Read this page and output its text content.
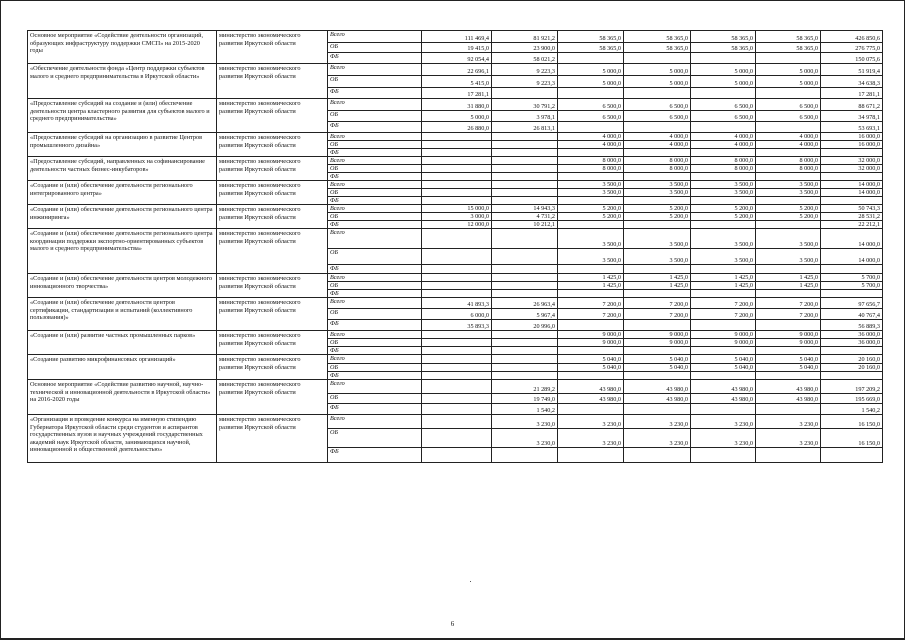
Основное мероприятие «Содействие деятельности организаций, образующих инфраструктуру поддержки СМСП» на 2015-2020 годы	министерство экономического развития Иркутской области	Всего	111 469,4	81 921,2	58 365,0	58 365,0	58 365,0	58 365,0	426 850,6
		ОБ	19 415,0	23 900,0	58 365,0	58 365,0	58 365,0	58 365,0	276 775,0
		ФБ	92 054,4	58 021,2					150 075,6
«Обеспечение деятельности фонда «Центр поддержки субъектов малого и среднего предпринимательства в Иркутской области»	министерство экономического развития Иркутской области	Всего	22 696,1	9 223,3	5 000,0	5 000,0	5 000,0	5 000,0	51 919,4
		ОБ	5 415,0	9 223,3	5 000,0	5 000,0	5 000,0	5 000,0	34 638,3
		ФБ	17 281,1						17 281,1
«Предоставление субсидий на создание и (или) обеспечение деятельности центра кластерного развития для субъектов малого и среднего предпринимательства»	министерство экономического развития Иркутской области	Всего	31 880,0	30 791,2	6 500,0	6 500,0	6 500,0	6 500,0	88 671,2
		ОБ	5 000,0	3 978,1	6 500,0	6 500,0	6 500,0	6 500,0	34 978,1
		ФБ	26 880,0	26 813,1					53 693,1
«Предоставление субсидий на организацию в развитие Центров промышленного дизайна»	министерство экономического развития Иркутской области	Всего			4 000,0	4 000,0	4 000,0	4 000,0	16 000,0
		ОБ			4 000,0	4 000,0	4 000,0	4 000,0	16 000,0
		ФБ							
«Предоставление субсидий, направленных на софинансирование деятельности частных бизнес-инкубаторов»	министерство экономического развития Иркутской области	Всего			8 000,0	8 000,0	8 000,0	8 000,0	32 000,0
		ОБ			8 000,0	8 000,0	8 000,0	8 000,0	32 000,0
		ФБ							
«Создание и (или) обеспечение деятельности регионального интегрированного центра»	министерство экономического развития Иркутской области	Всего			3 500,0	3 500,0	3 500,0	3 500,0	14 000,0
		ОБ			3 500,0	3 500,0	3 500,0	3 500,0	14 000,0
		ФБ							
«Создание и (или) обеспечение деятельности регионального центра инжиниринга»	министерство экономического развития Иркутской области	Всего	15 000,0	14 943,3	5 200,0	5 200,0	5 200,0	5 200,0	50 743,3
		ОБ	3 000,0	4 731,2	5 200,0	5 200,0	5 200,0	5 200,0	28 531,2
		ФБ	12 000,0	10 212,1					22 212,1
«Создание и (или) обеспечение деятельности регионального центра координации поддержки экспортно-ориентированных субъектов малого и среднего предпринимательства»	министерство экономического развития Иркутской области	Всего			3 500,0	3 500,0	3 500,0	3 500,0	14 000,0
		ОБ			3 500,0	3 500,0	3 500,0	3 500,0	14 000,0
		ФБ							
«Создание и (или) обеспечение деятельности центров молодежного инновационного творчества»	министерство экономического развития Иркутской области	Всего			1 425,0	1 425,0	1 425,0	1 425,0	5 700,0
		ОБ			1 425,0	1 425,0	1 425,0	1 425,0	5 700,0
		ФБ							
«Создание и (или) обеспечение деятельности центров сертификации, стандартизации и испытаний (коллективного пользования)»	министерство экономического развития Иркутской области	Всего	41 893,3	26 963,4	7 200,0	7 200,0	7 200,0	7 200,0	97 656,7
		ОБ	6 000,0	5 967,4	7 200,0	7 200,0	7 200,0	7 200,0	40 767,4
		ФБ	35 893,3	20 996,0					56 889,3
«Создание и (или) развитие частных промышленных парков»	министерство экономического развития Иркутской области	Всего			9 000,0	9 000,0	9 000,0	9 000,0	36 000,0
		ОБ			9 000,0	9 000,0	9 000,0	9 000,0	36 000,0
		ФБ							
«Создание развитию микрофинансовых организаций»	министерство экономического развития Иркутской области	Всего			5 040,0	5 040,0	5 040,0	5 040,0	20 160,0
		ОБ			5 040,0	5 040,0	5 040,0	5 040,0	20 160,0
		ФБ							
Основное мероприятие «Содействие развитию научной, научно-технической и инновационной деятельности в Иркутской области» на 2016-2020 годы	министерство экономического развития Иркутской области	Всего		21 289,2	43 980,0	43 980,0	43 980,0	43 980,0	197 209,2
		ОБ		19 749,0	43 980,0	43 980,0	43 980,0	43 980,0	195 669,0
		ФБ		1 540,2					1 540,2
«Организация и проведение конкурса на именную стипендию Губернатора Иркутской области среди студентов и аспирантов государственных вузов и научных учреждений государственных академий наук Иркутской области, занимающихся научной, инновационной и общественной деятельностью»	министерство экономического развития Иркутской области	Всего		3 230,0	3 230,0	3 230,0	3 230,0	3 230,0	16 150,0
		ОБ		3 230,0	3 230,0	3 230,0	3 230,0	3 230,0	16 150,0
		ФБ							
6
